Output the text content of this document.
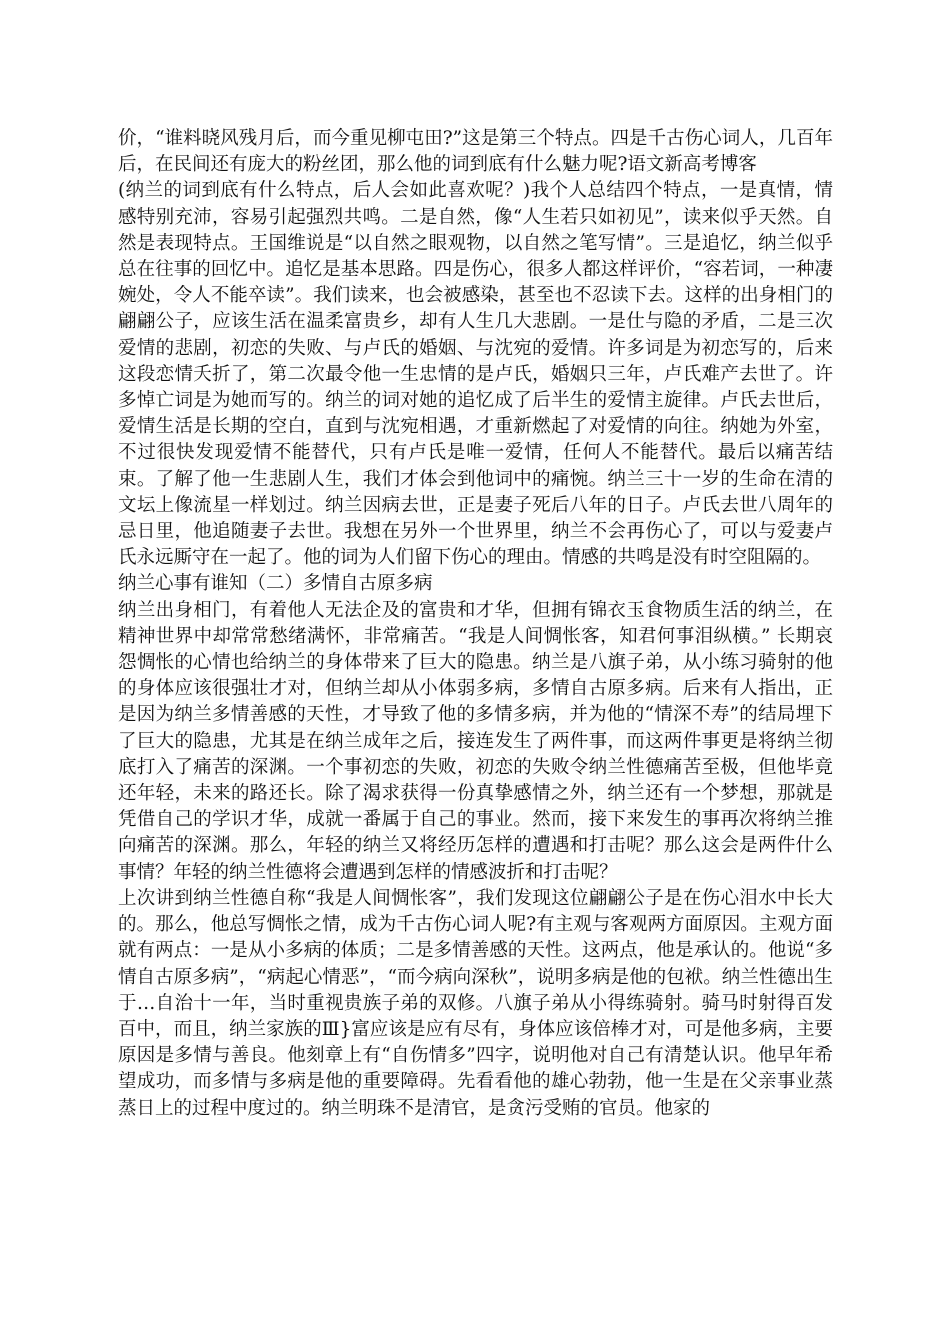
价，“谁料晓风残月后，而今重见柳屯田?”这是第三个特点。四是千古伤心词人，几百年后，在民间还有庞大的粉丝团，那么他的词到底有什么魅力呢?语文新高考博客

(纳兰的词到底有什么特点，后人会如此喜欢呢？)我个人总结四个特点，一是真情，情感特别充沛，容易引起强烈共鸣。二是自然，像“人生若只如初见”，读来似乎天然。自然是表现特点。王国维说是“以自然之眼观物，以自然之笔写情”。三是追忆，纳兰似乎总在往事的回忆中。追忆是基本思路。四是伤心，很多人都这样评价，“容若词，一种凄婉处，令人不能卒读”。我们读来，也会被感染，甚至也不忍读下去。这样的出身相门的翩翩公子，应该生活在温柔富贵乡，却有人生几大悲剧。一是仕与隐的矛盾，二是三次爱情的悲剧，初恋的失败、与卢氏的婚姻、与沈宛的爱情。许多词是为初恋写的，后来这段恋情夭折了，第二次最令他一生忠情的是卢氏，婚姻只三年，卢氏难产去世了。许多悼亡词是为她而写的。纳兰的词对她的追忆成了后半生的爱情主旋律。卢氏去世后，爱情生活是长期的空白，直到与沈宛相遇，才重新燃起了对爱情的向往。纳她为外室，不过很快发现爱情不能替代，只有卢氏是唯一爱情，任何人不能替代。最后以痛苦结束。了解了他一生悲剧人生，我们才体会到他词中的痛惋。纳兰三十一岁的生命在清的文坛上像流星一样划过。纳兰因病去世，正是妻子死后八年的日子。卢氏去世八周年的忌日里，他追随妻子去世。我想在另外一个世界里，纳兰不会再伤心了，可以与爱妻卢氏永远厮守在一起了。他的词为人们留下伤心的理由。情感的共鸣是没有时空阻隔的。

纳兰心事有谁知（二）多情自古原多病

纳兰出身相门，有着他人无法企及的富贵和才华，但拥有锦衣玉食物质生活的纳兰，在精神世界中却常常愁绪满怀，非常痛苦。“我是人间惆怅客，知君何事泪纵横。” 长期哀怨惆怅的心情也给纳兰的身体带来了巨大的隐患。纳兰是八旗子弟，从小练习骑射的他的身体应该很强壮才对，但纳兰却从小体弱多病，多情自古原多病。后来有人指出，正是因为纳兰多情善感的天性，才导致了他的多情多病，并为他的“情深不寿”的结局埋下了巨大的隐患，尤其是在纳兰成年之后，接连发生了两件事，而这两件事更是将纳兰彻底打入了痛苦的深渊。一个事初恋的失败，初恋的失败令纳兰性德痛苦至极，但他毕竟还年轻，未来的路还长。除了渴求获得一份真挚感情之外，纳兰还有一个梦想，那就是凭借自己的学识才华，成就一番属于自己的事业。然而，接下来发生的事再次将纳兰推向痛苦的深渊。那么，年轻的纳兰又将经历怎样的遭遇和打击呢？那么这会是两件什么事情？年轻的纳兰性德将会遭遇到怎样的情感波折和打击呢？

上次讲到纳兰性德自称“我是人间惆怅客”，我们发现这位翩翩公子是在伤心泪水中长大的。那么，他总写惆怅之情，成为千古伤心词人呢?有主观与客观两方面原因。主观方面就有两点：一是从小多病的体质；二是多情善感的天性。这两点，他是承认的。他说“多情自古原多病”，“病起心情恶”，“而今病向深秋”，说明多病是他的包袱。纳兰性德出生于…自治十一年，当时重视贵族子弟的双修。八旗子弟从小得练骑射。骑马时射得百发百中，而且，纳兰家族的Ⅲ}富应该是应有尽有，身体应该倍棒才对，可是他多病，主要原因是多情与善良。他刻章上有“自伤情多”四字，说明他对自己有清楚认识。他早年希望成功，而多情与多病是他的重要障碍。先看看他的雄心勃勃，他一生是在父亲事业蒸蒸日上的过程中度过的。纳兰明珠不是清官，是贪污受贿的官员。他家的
